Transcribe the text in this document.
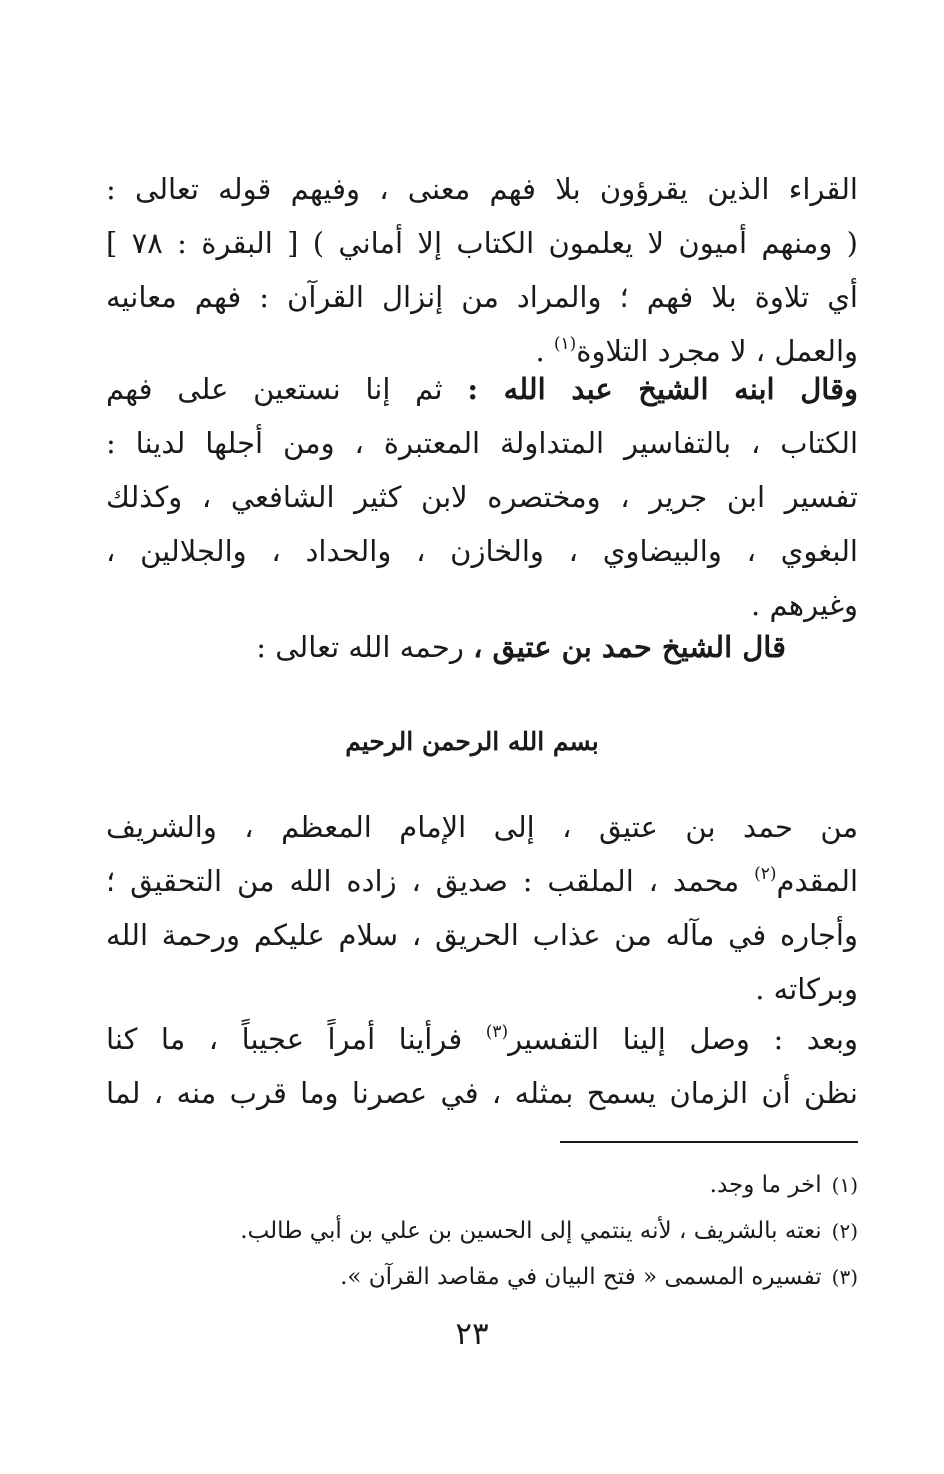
القراء الذين يقرؤون بلا فهم معنى ، وفيهم قوله تعالى :
( ومنهم أميون لا يعلمون الكتاب إلا أماني ) [ البقرة : ٧٨ ]
أي تلاوة بلا فهم ؛ والمراد من إنزال القرآن : فهم معانيه
والعمل ، لا مجرد التلاوة$^{(١)}$ .
وقال ابنه الشيخ عبد الله : ثم إنا نستعين على فهم
الكتاب ، بالتفاسير المتداولة المعتبرة ، ومن أجلها لدينا :
تفسير ابن جرير ، ومختصره لابن كثير الشافعي ، وكذلك
البغوي ، والبيضاوي ، والخازن ، والحداد ، والجلالين ،
وغيرهم .
قال الشيخ حمد بن عتيق ، رحمه الله تعالى :
بسم الله الرحمن الرحيم
من حمد بن عتيق ، إلى الإمام المعظم ، والشريف
المقدم$^{(٢)}$ محمد ، الملقب : صديق ، زاده الله من التحقيق ؛
وأجاره في مآله من عذاب الحريق ، سلام عليكم ورحمة الله
وبركاته .
وبعد : وصل إلينا التفسير$^{(٣)}$ فرأينا أمراً عجيباً ، ما كنا
نظن أن الزمان يسمح بمثله ، في عصرنا وما قرب منه ، لما
(١)اخر ما وجد.
(٢)نعته بالشريف ، لأنه ينتمي إلى الحسين بن علي بن أبي طالب.
(٣)تفسيره المسمى « فتح البيان في مقاصد القرآن ».
٢٣
